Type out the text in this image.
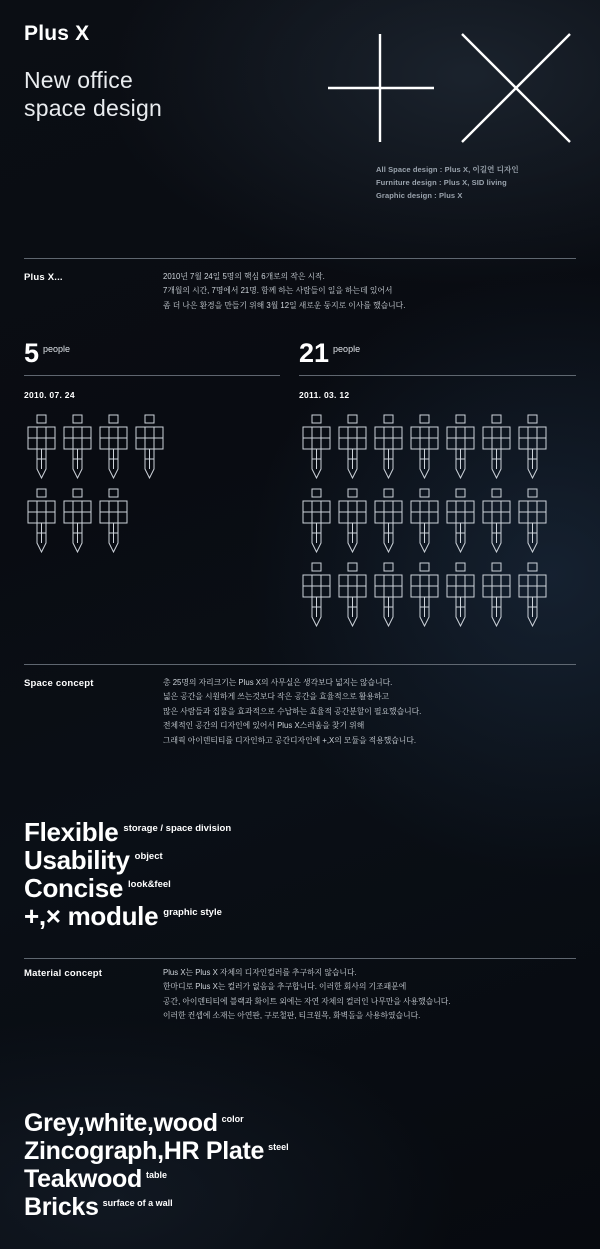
Plus X
New office
space design
All Space design : Plus X, 이길연 디자인
Furniture design : Plus X, SID living
Graphic design : Plus X
Plus X...	2010년 7월 24일 5명의 핵심 6개로의 작은 시작.
7개월의 시간, 7명에서 21명. 함께 하는 사람들이 일을 하는데 있어서
좀 더 나은 환경을 만들기 위해 3월 12일 새로운 둥지로 이사를 했습니다.
5 $^{people}$
2010. 07. 24
21 $^{people}$
2011. 03. 12
Space concept	총 25명의 자리크기는 Plus X의 사무실은 생각보다 넓지는 않습니다.
넓은 공간을 시원하게 쓰는것보다 작은 공간을 효율적으로 활용하고
많은 사람들과 집물을 효과적으로 수납하는 효율적 공간분할이 필요했습니다.
전체적인 공간의 디자인에 있어서 Plus X스러움을 찾기 위해
그래픽 아이덴티티를 디자인하고 공간디자인에 +,X의 모듈을 적용했습니다.
Flexible $^{storage / space division}$
Usability $^{object}$
Concise $^{look\&feel}$
+,× module $^{graphic style}$
Material concept	Plus X는 Plus X 자체의 디자인컬러를 추구하지 않습니다.
한마디로 Plus X는 컬러가 없음을 추구합니다. 이러한 회사의 기조패문에
공간, 아이덴티티에 블랙과 화이트 외에는 자연 자체의 컬러인 나무만을 사용했습니다.
이러한 컨셉에 소재는 아연판, 구로철판, 티크원목, 화벽돌을 사용하였습니다.
Grey,white,wood $^{color}$
Zincograph,HR Plate $^{steel}$
Teakwood $^{table}$
Bricks $^{surface of a wall}$
